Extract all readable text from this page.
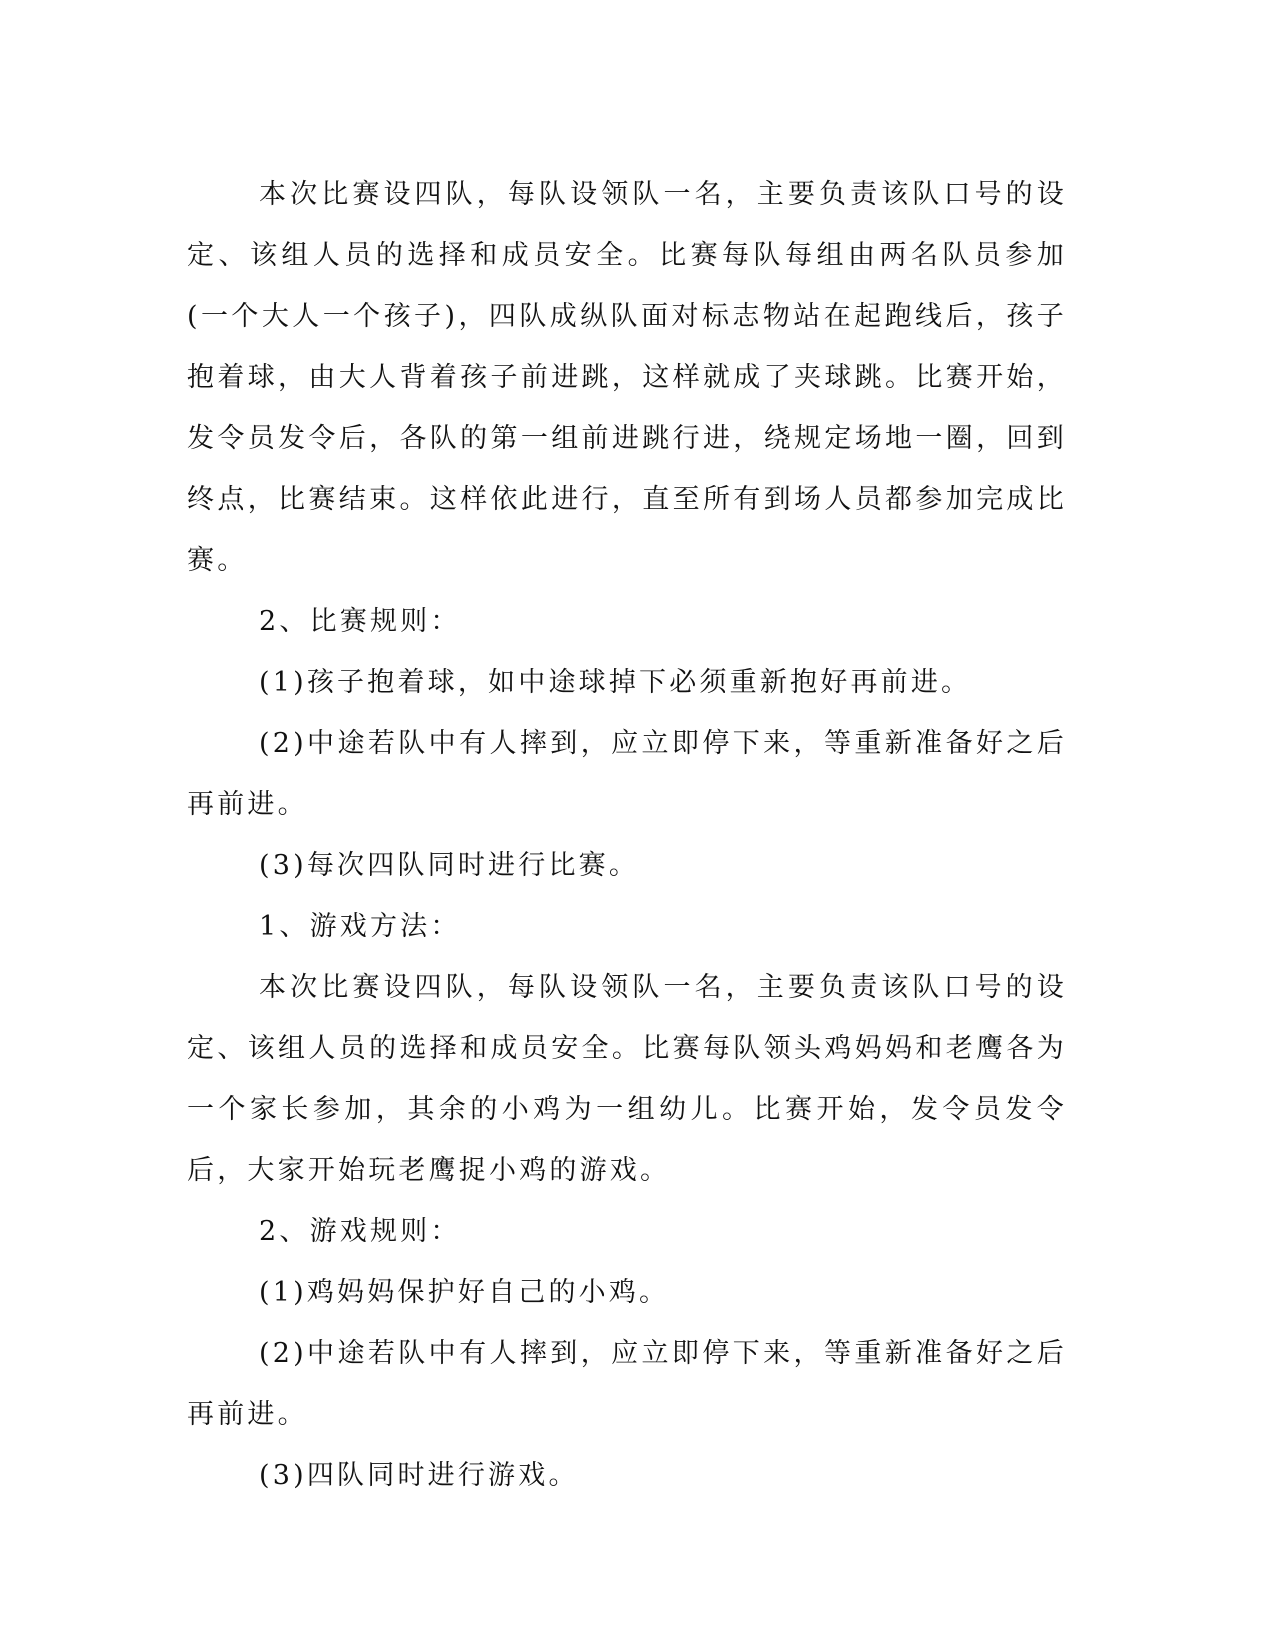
本次比赛设四队，每队设领队一名，主要负责该队口号的设定、该组人员的选择和成员安全。比赛每队每组由两名队员参加(一个大人一个孩子)，四队成纵队面对标志物站在起跑线后，孩子抱着球，由大人背着孩子前进跳，这样就成了夹球跳。比赛开始，发令员发令后，各队的第一组前进跳行进，绕规定场地一圈，回到终点，比赛结束。这样依此进行，直至所有到场人员都参加完成比赛。

2、比赛规则：

(1)孩子抱着球，如中途球掉下必须重新抱好再前进。

(2)中途若队中有人摔到，应立即停下来，等重新准备好之后再前进。

(3)每次四队同时进行比赛。

1、游戏方法：

本次比赛设四队，每队设领队一名，主要负责该队口号的设定、该组人员的选择和成员安全。比赛每队领头鸡妈妈和老鹰各为一个家长参加，其余的小鸡为一组幼儿。比赛开始，发令员发令后，大家开始玩老鹰捉小鸡的游戏。

2、游戏规则：

(1)鸡妈妈保护好自己的小鸡。

(2)中途若队中有人摔到，应立即停下来，等重新准备好之后再前进。

(3)四队同时进行游戏。
